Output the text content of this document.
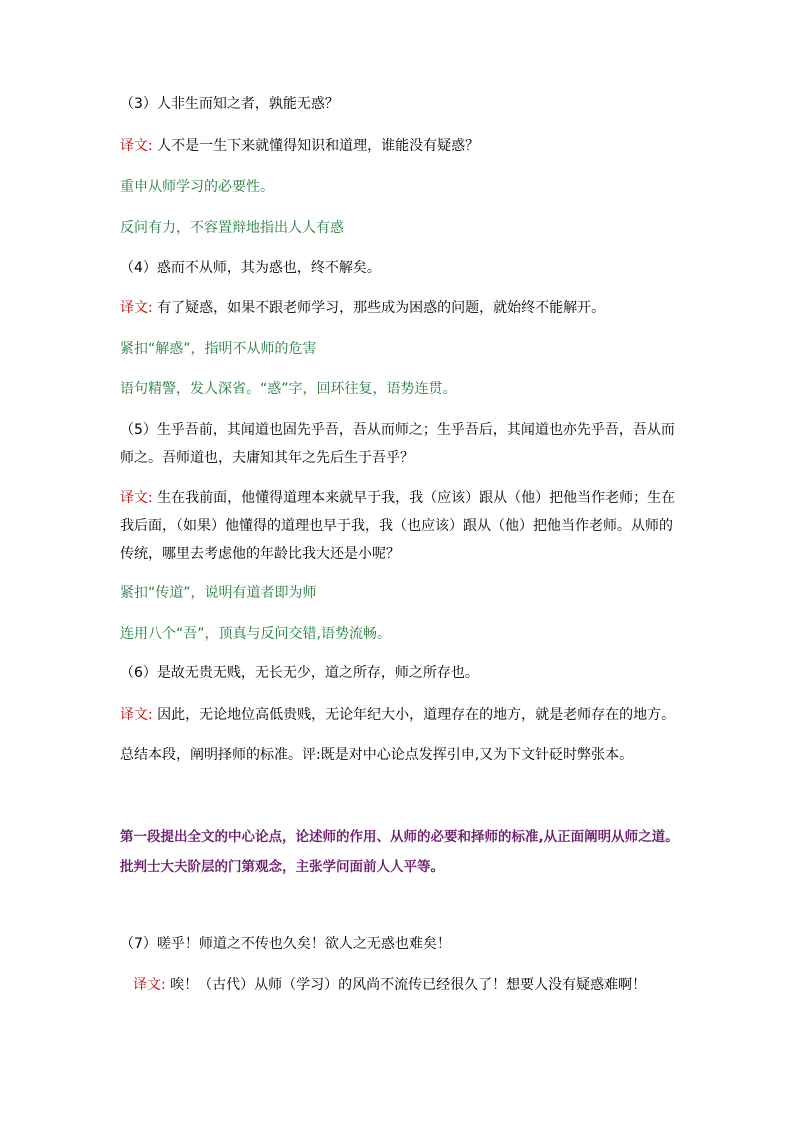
（3）人非生而知之者，孰能无惑？
译文: 人不是一生下来就懂得知识和道理，谁能没有疑惑？
重申从师学习的必要性。
反问有力，不容置辩地指出人人有惑
（4）惑而不从师，其为惑也，终不解矣。
译文: 有了疑惑，如果不跟老师学习，那些成为困惑的问题，就始终不能解开。
紧扣“解惑”，指明不从师的危害
语句精警，发人深省。“惑”字，回环往复，语势连贯。
（5）生乎吾前，其闻道也固先乎吾，吾从而师之；生乎吾后，其闻道也亦先乎吾，吾从而师之。吾师道也，夫庸知其年之先后生于吾乎？
译文: 生在我前面，他懂得道理本来就早于我，我（应该）跟从（他）把他当作老师；生在我后面，（如果）他懂得的道理也早于我，我（也应该）跟从（他）把他当作老师。从师的传统，哪里去考虑他的年龄比我大还是小呢？
紧扣“传道”，说明有道者即为师
连用八个“吾”，顶真与反问交错,语势流畅。
（6）是故无贵无贱，无长无少，道之所存，师之所存也。
译文: 因此，无论地位高低贵贱，无论年纪大小，道理存在的地方，就是老师存在的地方。
总结本段，阐明择师的标准。评:既是对中心论点发挥引申,又为下文针砭时弊张本。
第一段提出全文的中心论点，论述师的作用、从师的必要和择师的标准,从正面阐明从师之道。批判士大夫阶层的门第观念，主张学问面前人人平等。
（7）嗟乎！师道之不传也久矣！欲人之无惑也难矣！
译文: 唉！（古代）从师（学习）的风尚不流传已经很久了！想要人没有疑惑难啊！
